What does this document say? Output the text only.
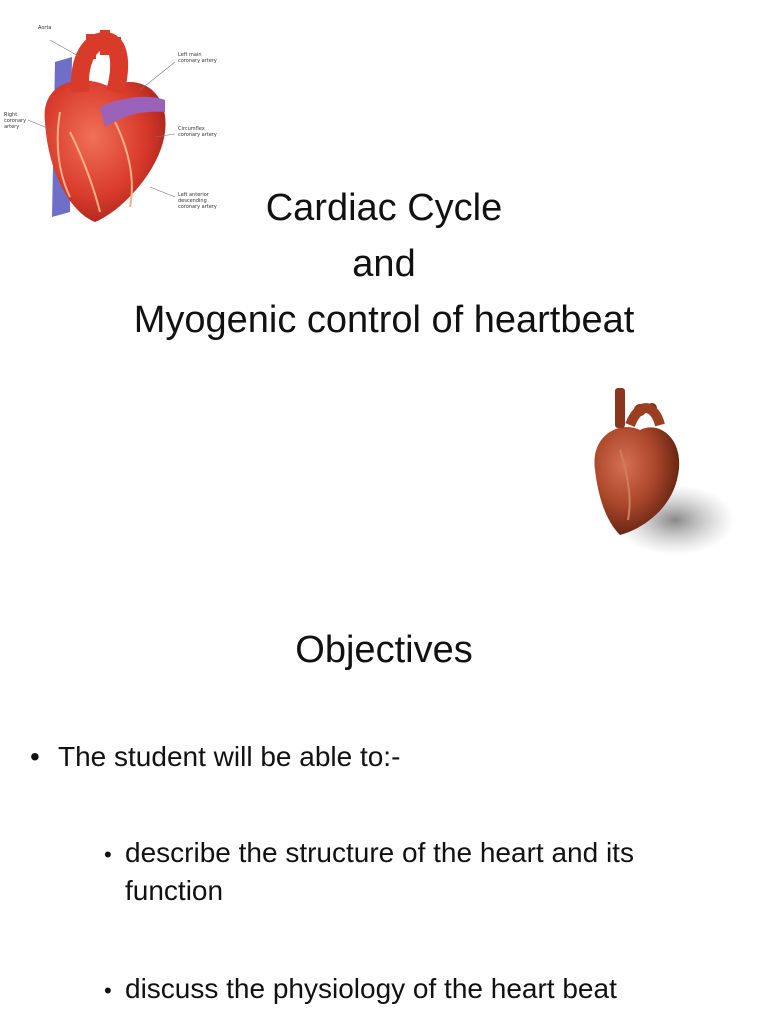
Aorta
Left main coronary artery
Right coronary artery	Circumflex coronary artery
Left anterior descending coronary artery	Cardiac Cycle
and
Myogenic control of heartbeat
Objectives
• The student will be able to:-
• describe the structure of the heart and its function
• discuss the physiology of the heart beat
